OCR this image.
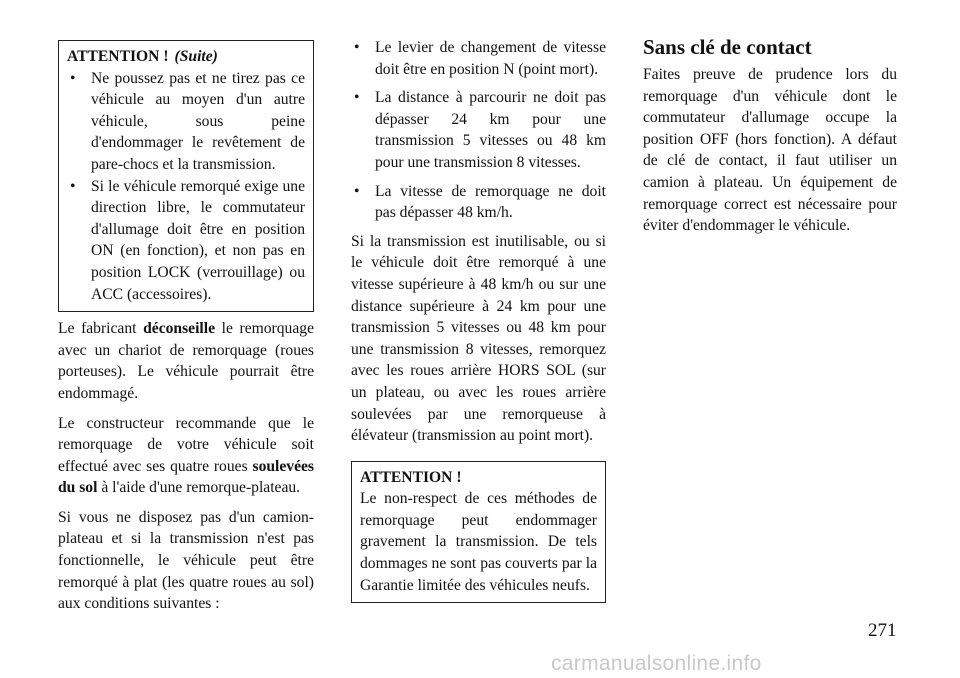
ATTENTION ! (Suite)
• Ne poussez pas et ne tirez pas ce véhicule au moyen d'un autre véhicule, sous peine d'endommager le revêtement de pare-chocs et la transmission.
• Si le véhicule remorqué exige une direction libre, le commutateur d'allumage doit être en position ON (en fonction), et non pas en position LOCK (verrouillage) ou ACC (accessoires).

Le fabricant déconseille le remorquage avec un chariot de remorquage (roues porteuses). Le véhicule pourrait être endommagé.

Le constructeur recommande que le remorquage de votre véhicule soit effectué avec ses quatre roues soulevées du sol à l'aide d'une remorque-plateau.

Si vous ne disposez pas d'un camion-plateau et si la transmission n'est pas fonctionnelle, le véhicule peut être remorqué à plat (les quatre roues au sol) aux conditions suivantes :

• Le levier de changement de vitesse doit être en position N (point mort).
• La distance à parcourir ne doit pas dépasser 24 km pour une transmission 5 vitesses ou 48 km pour une transmission 8 vitesses.
• La vitesse de remorquage ne doit pas dépasser 48 km/h.

Si la transmission est inutilisable, ou si le véhicule doit être remorqué à une vitesse supérieure à 48 km/h ou sur une distance supérieure à 24 km pour une transmission 5 vitesses ou 48 km pour une transmission 8 vitesses, remorquez avec les roues arrière HORS SOL (sur un plateau, ou avec les roues arrière soulevées par une remorqueuse à élévateur (transmission au point mort).

ATTENTION !
Le non-respect de ces méthodes de remorquage peut endommager gravement la transmission. De tels dommages ne sont pas couverts par la Garantie limitée des véhicules neufs.
Sans clé de contact

Faites preuve de prudence lors du remorquage d'un véhicule dont le commutateur d'allumage occupe la position OFF (hors fonction). A défaut de clé de contact, il faut utiliser un camion à plateau. Un équipement de remorquage correct est nécessaire pour éviter d'endommager le véhicule.

271
carmanualsonline.info
